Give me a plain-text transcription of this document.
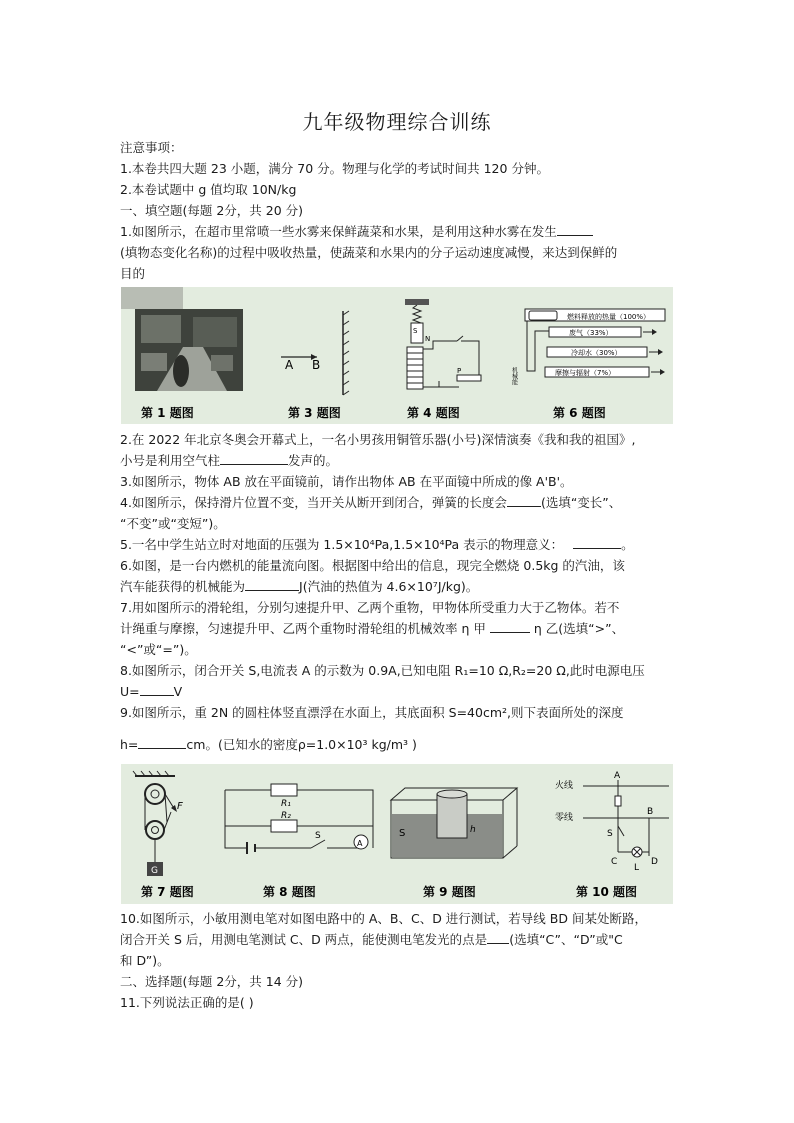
九年级物理综合训练
注意事项：
1.本卷共四大题 23 小题，满分 70 分。物理与化学的考试时间共 120 分钟。
2.本卷试题中 g 值均取 10N/kg
一、填空题(每题 2分，共 20 分)
1.如图所示，在超市里常喷一些水雾来保鲜蔬菜和水果，是利用这种水雾在发生
(填物态变化名称)的过程中吸收热量，使蔬菜和水果内的分子运动速度减慢，来达到保鲜的
目的
A B
S
N
P
燃料释放的热量（100%）
废气（33%）
冷却水（30%）
摩擦与辐射（7%）
机械能
第 1 题图	第 3 题图	第 4 题图	第 6 题图
2.在 2022 年北京冬奥会开幕式上，一名小男孩用铜管乐器(小号)深情演奏《我和我的祖国》,
小号是利用空气柱	发声的。
3.如图所示，物体 AB 放在平面镜前，请作出物体 AB 在平面镜中所成的像 A'B'。
4.如图所示，保持滑片位置不变，当开关从断开到闭合，弹簧的长度会	(选填“变长”、
“不变”或“变短”)。
5.一名中学生站立时对地面的压强为 1.5×10⁴Pa,1.5×10⁴Pa 表示的物理意义：	。
6.如图，是一台内燃机的能量流向图。根据图中给出的信息，现完全燃烧 0.5kg 的汽油，该
汽车能获得的机械能为	J(汽油的热值为 4.6×10⁷J/kg)。
7.用如图所示的滑轮组，分别匀速提升甲、乙两个重物，甲物体所受重力大于乙物体。若不
计绳重与摩擦，匀速提升甲、乙两个重物时滑轮组的机械效率 η 甲	η 乙(选填“>”、
“<”或“=”)。
8.如图所示，闭合开关 S,电流表 A 的示数为 0.9A,已知电阻 R₁=10 Ω,R₂=20 Ω,此时电源电压
U=	V
9.如图所示，重 2N 的圆柱体竖直漂浮在水面上，其底面积 S=40cm²,则下表面所处的深度
h=	cm。(已知水的密度ρ=1.0×10³ kg/m³ )
F
G
R₁
R₂
A
S	S	h
火线
零线
A
B
S
C	D
L
第 7 题图	第 8 题图	第 9 题图	第 10 题图
10.如图所示，小敏用测电笔对如图电路中的 A、B、C、D 进行测试，若导线 BD 间某处断路，
闭合开关 S 后，用测电笔测试 C、D 两点，能使测电笔发光的点是 (选填“C”、“D”或"C
和 D”)。
二、选择题(每题 2分，共 14 分)
11.下列说法正确的是( )
